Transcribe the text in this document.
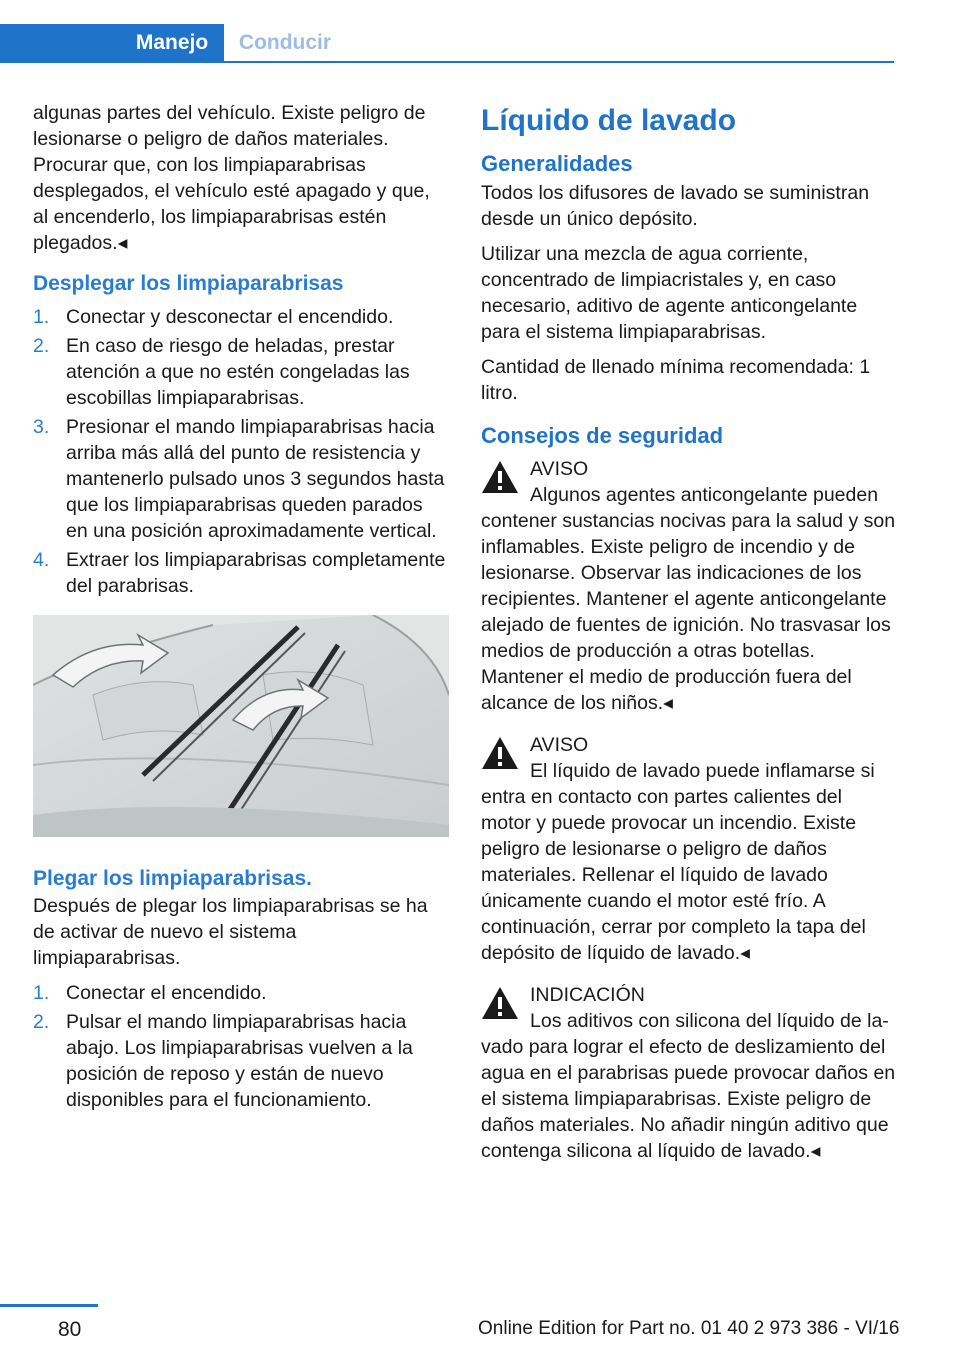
Manejo	Conducir

algunas partes del vehículo. Existe peligro de lesionarse o peligro de daños materiales. Procurar que, con los limpiaparabrisas desplegados, el vehículo esté apagado y que, al encenderlo, los limpiaparabrisas estén plegados.◂

Desplegar los limpiaparabrisas
1. Conectar y desconectar el encendido.
2. En caso de riesgo de heladas, prestar atención a que no estén congeladas las escobillas limpiaparabrisas.
3. Presionar el mando limpiaparabrisas hacia arriba más allá del punto de resistencia y mantenerlo pulsado unos 3 segundos hasta que los limpiaparabrisas queden parados en una posición aproximadamente vertical.
4. Extraer los limpiaparabrisas completamente del parabrisas.
Plegar los limpiaparabrisas.

Después de plegar los limpiaparabrisas se ha de activar de nuevo el sistema limpiaparabrisas.

1. Conectar el encendido.
2. Pulsar el mando limpiaparabrisas hacia abajo. Los limpiaparabrisas vuelven a la posición de reposo y están de nuevo disponibles para el funcionamiento.
Líquido de lavado
Generalidades

Todos los difusores de lavado se suministran desde un único depósito.

Utilizar una mezcla de agua corriente, concentrado de limpiacristales y, en caso necesario, aditivo de agente anticongelante para el sistema limpiaparabrisas.

Cantidad de llenado mínima recomendada: 1 litro.

Consejos de seguridad
AVISO
Algunos agentes anticongelante pueden
contener sustancias nocivas para la salud y son inflamables. Existe peligro de incendio y de lesionarse. Observar las indicaciones de los recipientes. Mantener el agente anticongelante alejado de fuentes de ignición. No trasvasar los medios de producción a otras botellas. Mantener el medio de producción fuera del alcance de los niños.◂
AVISO
El líquido de lavado puede inflamarse si
entra en contacto con partes calientes del motor y puede provocar un incendio. Existe peligro de lesionarse o peligro de daños materiales. Rellenar el líquido de lavado únicamente cuando el motor esté frío. A continuación, cerrar por completo la tapa del depósito de líquido de lavado.◂
INDICACIÓN
Los aditivos con silicona del líquido de la-
vado para lograr el efecto de deslizamiento del agua en el parabrisas puede provocar daños en el sistema limpiaparabrisas. Existe peligro de daños materiales. No añadir ningún aditivo que contenga silicona al líquido de lavado.◂
80	Online Edition for Part no. 01 40 2 973 386 - VI/16
